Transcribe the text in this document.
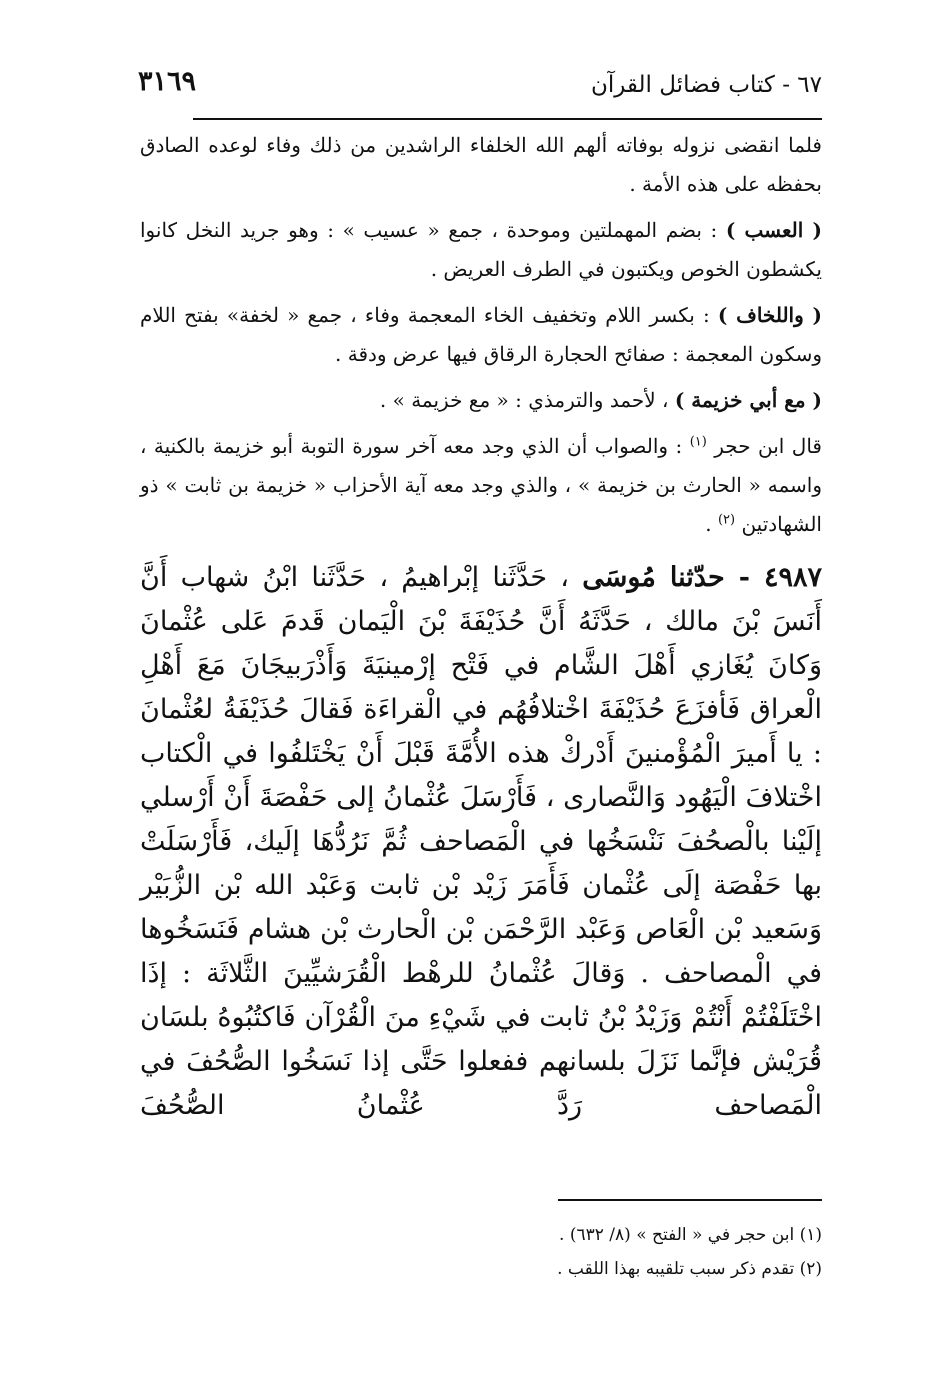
٦٧ - كتاب فضائل القرآن
٣١٦٩

فلما انقضى نزوله بوفاته ألهم الله الخلفاء الراشدين من ذلك وفاء لوعده الصادق بحفظه على هذه الأمة .

( العسب ) : بضم المهملتين وموحدة ، جمع « عسيب » : وهو جريد النخل كانوا يكشطون الخوص ويكتبون في الطرف العريض .

( واللخاف ) : بكسر اللام وتخفيف الخاء المعجمة وفاء ، جمع « لخفة» بفتح اللام وسكون المعجمة : صفائح الحجارة الرقاق فيها عرض ودقة .

( مع أبي خزيمة ) ، لأحمد والترمذي : « مع خزيمة » .

قال ابن حجر $^{(١)}$ : والصواب أن الذي وجد معه آخر سورة التوبة أبو خزيمة بالكنية ، واسمه « الحارث بن خزيمة » ، والذي وجد معه آية الأحزاب « خزيمة بن ثابت » ذو الشهادتين $^{(٢)}$ .

٤٩٨٧ - حدّثنا مُوسَى ، حَدَّثَنا إبْراهيمُ ، حَدَّثَنا ابْنُ شهاب أَنَّ أَنَسَ بْنَ مالك ، حَدَّثَهُ أَنَّ حُذَيْفَةَ بْنَ الْيَمان قَدمَ عَلى عُثْمانَ وَكانَ يُغَازي أَهْلَ الشَّام في فَتْح إرْمينيَةَ وَأَذْرَبيجَانَ مَعَ أَهْلِ الْعراق فَأفزَعَ حُذَيْفَةَ اخْتلافُهُم في الْقراءَة فَقالَ حُذَيْفَةُ لعُثْمانَ : يا أَميرَ الْمُؤْمنينَ أَدْركْ هذه الأُمَّةَ قَبْلَ أَنْ يَخْتَلفُوا في الْكتاب اخْتلافَ الْيَهُود وَالنَّصارى ، فَأَرْسَلَ عُثْمانُ إلى حَفْصَةَ أَنْ أَرْسلي إلَيْنا بالْصحُفَ نَنْسَخُها في الْمَصاحف ثُمَّ نَرُدُّهَا إلَيك، فَأَرْسَلَتْ بها حَفْصَة إلَى عُثْمان فَأَمَرَ زَيْد بْن ثابت وَعَبْد الله بْن الزُّبَيْر وَسَعيد بْن الْعَاص وَعَبْد الرَّحْمَن بْن الْحارث بْن هشام فَنَسَخُوها في الْمصاحف . وَقالَ عُثْمانُ للرهْط الْقُرَشيِّينَ الثَّلاثَة : إذَا اخْتَلَفْتُمْ أَنْتُمْ وَزَيْدُ بْنُ ثابت في شَيْءِ منَ الْقُرْآن فَاكتُبُوهُ بلسَان قُرَيْش فإنَّما نَزَلَ بلسانهم ففعلوا حَتَّى إذا نَسَخُوا الصُّحُفَ في الْمَصاحف رَدَّ عُثْمانُ الصُّحُفَ

(١) ابن حجر في « الفتح » (٨/ ٦٣٢) .
(٢) تقدم ذكر سبب تلقيبه بهذا اللقب .
